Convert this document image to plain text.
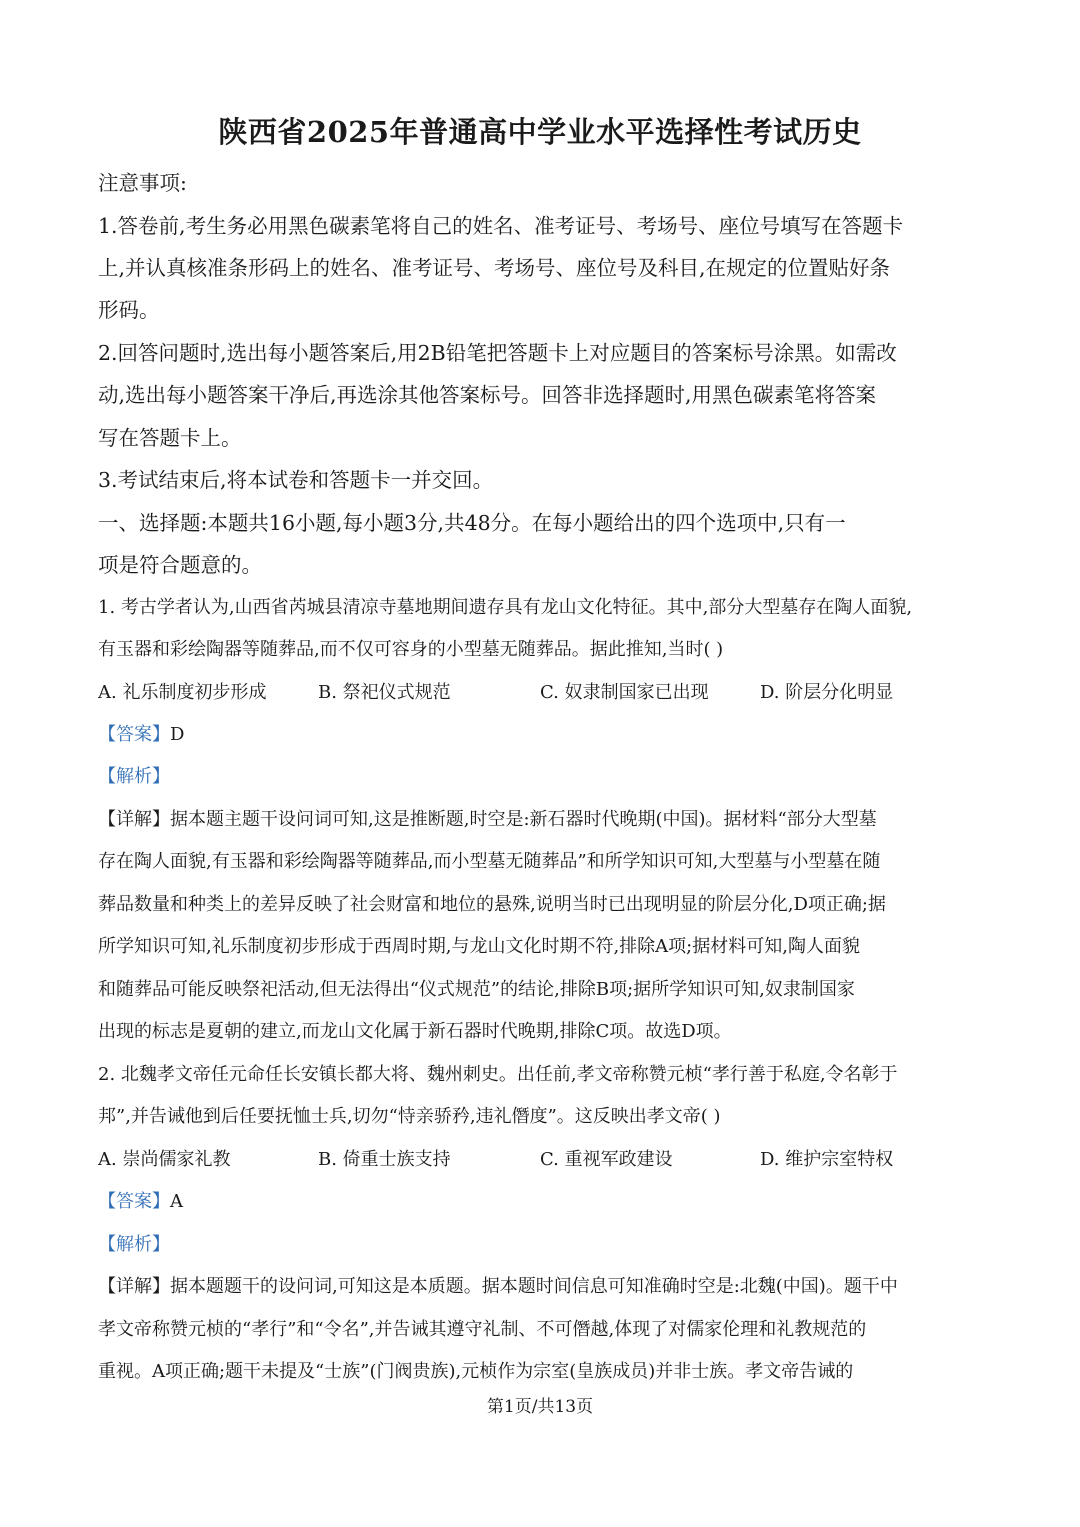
陕西省2025年普通高中学业水平选择性考试历史
注意事项:
1.答卷前,考生务必用黑色碳素笔将自己的姓名、准考证号、考场号、座位号填写在答题卡
上,并认真核准条形码上的姓名、准考证号、考场号、座位号及科目,在规定的位置贴好条
形码。
2.回答问题时,选出每小题答案后,用2B铅笔把答题卡上对应题目的答案标号涂黑。如需改
动,选出每小题答案干净后,再选涂其他答案标号。回答非选择题时,用黑色碳素笔将答案
写在答题卡上。
3.考试结束后,将本试卷和答题卡一并交回。
一、选择题:本题共16小题,每小题3分,共48分。在每小题给出的四个选项中,只有一
项是符合题意的。
1. 考古学者认为,山西省芮城县清凉寺墓地期间遗存具有龙山文化特征。其中,部分大型墓存在陶人面貌,
有玉器和彩绘陶器等随葬品,而不仅可容身的小型墓无随葬品。据此推知,当时( )
A. 礼乐制度初步形成	B. 祭祀仪式规范	C. 奴隶制国家已出现	D. 阶层分化明显
【答案】D
【解析】
【详解】据本题主题干设问词可知,这是推断题,时空是:新石器时代晚期(中国)。据材料“部分大型墓
存在陶人面貌,有玉器和彩绘陶器等随葬品,而小型墓无随葬品”和所学知识可知,大型墓与小型墓在随
葬品数量和种类上的差异反映了社会财富和地位的悬殊,说明当时已出现明显的阶层分化,D项正确;据
所学知识可知,礼乐制度初步形成于西周时期,与龙山文化时期不符,排除A项;据材料可知,陶人面貌
和随葬品可能反映祭祀活动,但无法得出“仪式规范”的结论,排除B项;据所学知识可知,奴隶制国家
出现的标志是夏朝的建立,而龙山文化属于新石器时代晚期,排除C项。故选D项。
2. 北魏孝文帝任元命任长安镇长都大将、魏州刺史。出任前,孝文帝称赞元桢“孝行善于私庭,令名彰于
邦”,并告诫他到后任要抚恤士兵,切勿“恃亲骄矜,违礼僭度”。这反映出孝文帝( )
A. 崇尚儒家礼教	B. 倚重士族支持	C. 重视军政建设	D. 维护宗室特权
【答案】A
【解析】
【详解】据本题题干的设问词,可知这是本质题。据本题时间信息可知准确时空是:北魏(中国)。题干中
孝文帝称赞元桢的“孝行”和“令名”,并告诫其遵守礼制、不可僭越,体现了对儒家伦理和礼教规范的
重视。A项正确;题干未提及“士族”(门阀贵族),元桢作为宗室(皇族成员)并非士族。孝文帝告诫的
第1页/共13页
